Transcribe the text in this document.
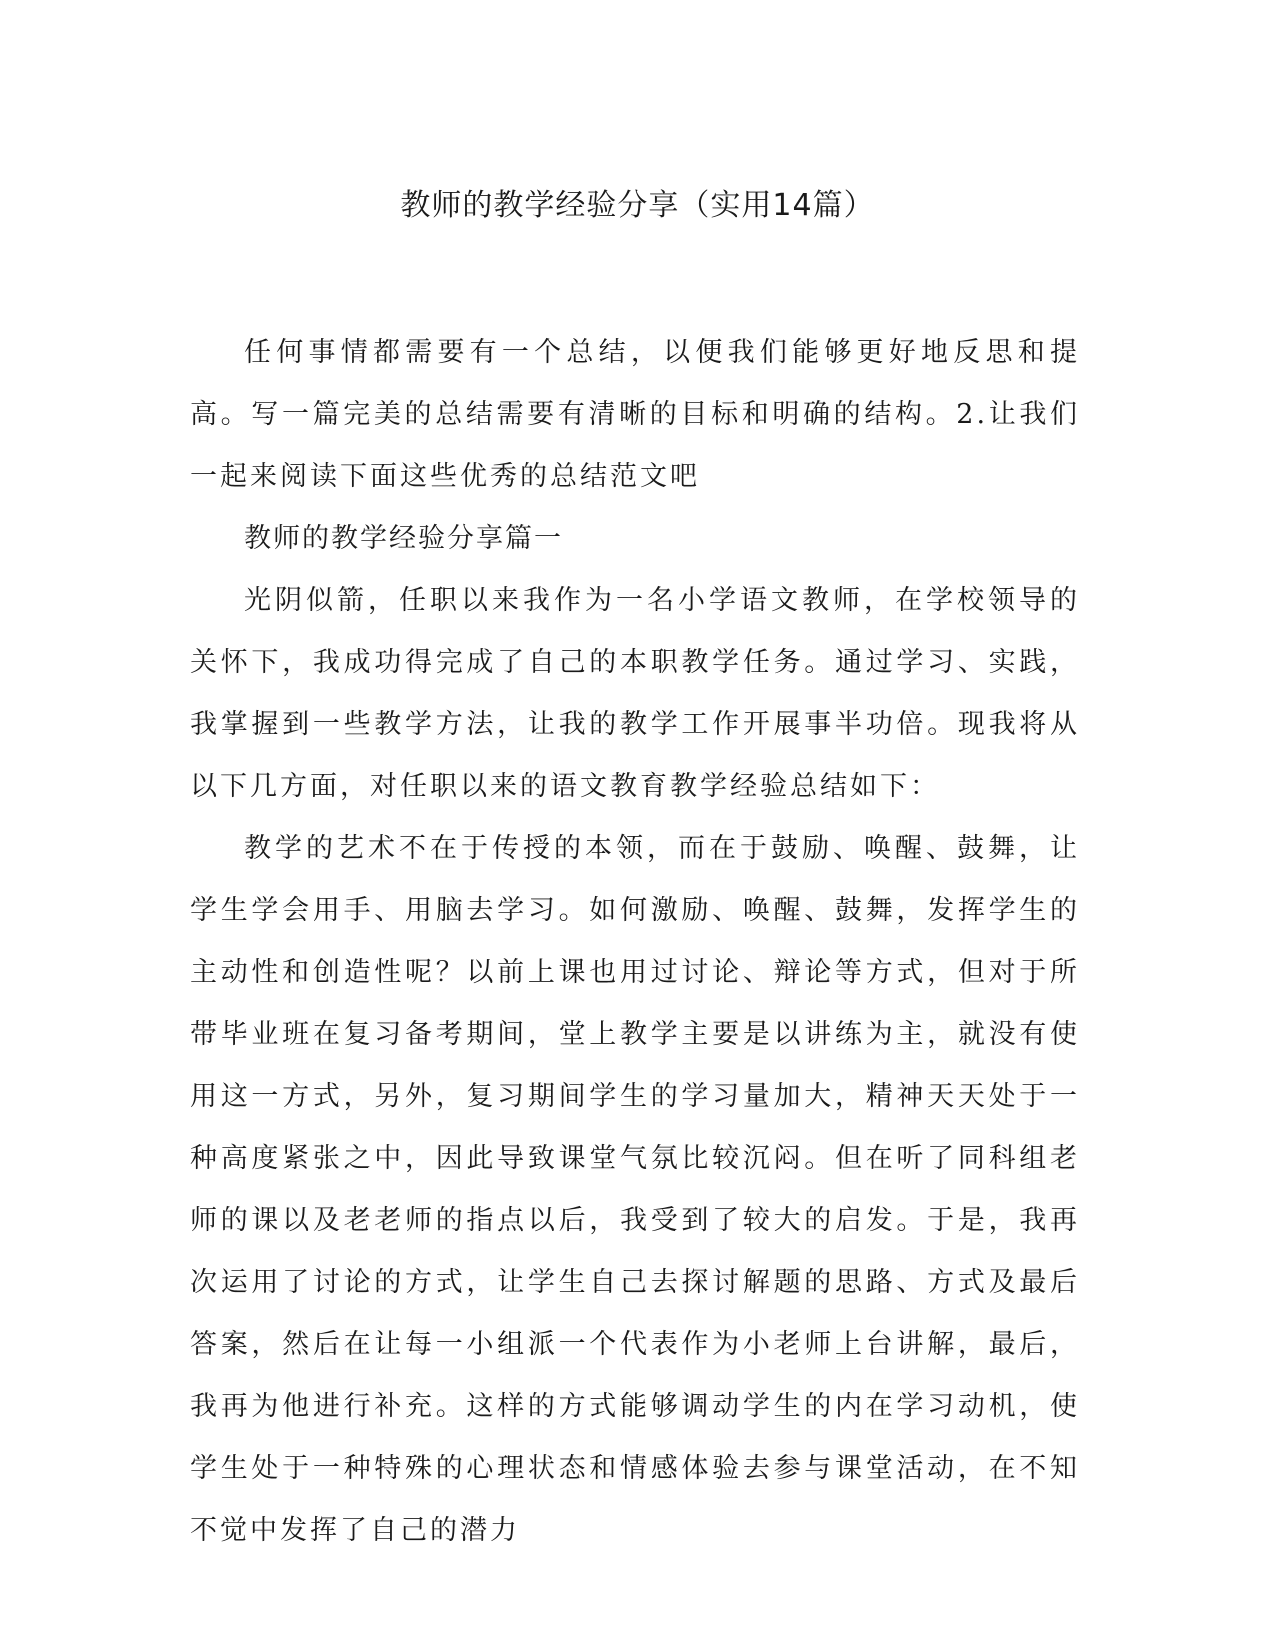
教师的教学经验分享（实用14篇）

任何事情都需要有一个总结，以便我们能够更好地反思和提高。写一篇完美的总结需要有清晰的目标和明确的结构。2.让我们一起来阅读下面这些优秀的总结范文吧

教师的教学经验分享篇一

光阴似箭，任职以来我作为一名小学语文教师，在学校领导的关怀下，我成功得完成了自己的本职教学任务。通过学习、实践，我掌握到一些教学方法，让我的教学工作开展事半功倍。现我将从以下几方面，对任职以来的语文教育教学经验总结如下：

教学的艺术不在于传授的本领，而在于鼓励、唤醒、鼓舞，让学生学会用手、用脑去学习。如何激励、唤醒、鼓舞，发挥学生的主动性和创造性呢？以前上课也用过讨论、辩论等方式，但对于所带毕业班在复习备考期间，堂上教学主要是以讲练为主，就没有使用这一方式，另外，复习期间学生的学习量加大，精神天天处于一种高度紧张之中，因此导致课堂气氛比较沉闷。但在听了同科组老师的课以及老老师的指点以后，我受到了较大的启发。于是，我再次运用了讨论的方式，让学生自己去探讨解题的思路、方式及最后答案，然后在让每一小组派一个代表作为小老师上台讲解，最后，我再为他进行补充。这样的方式能够调动学生的内在学习动机，使学生处于一种特殊的心理状态和情感体验去参与课堂活动，在不知不觉中发挥了自己的潜力
